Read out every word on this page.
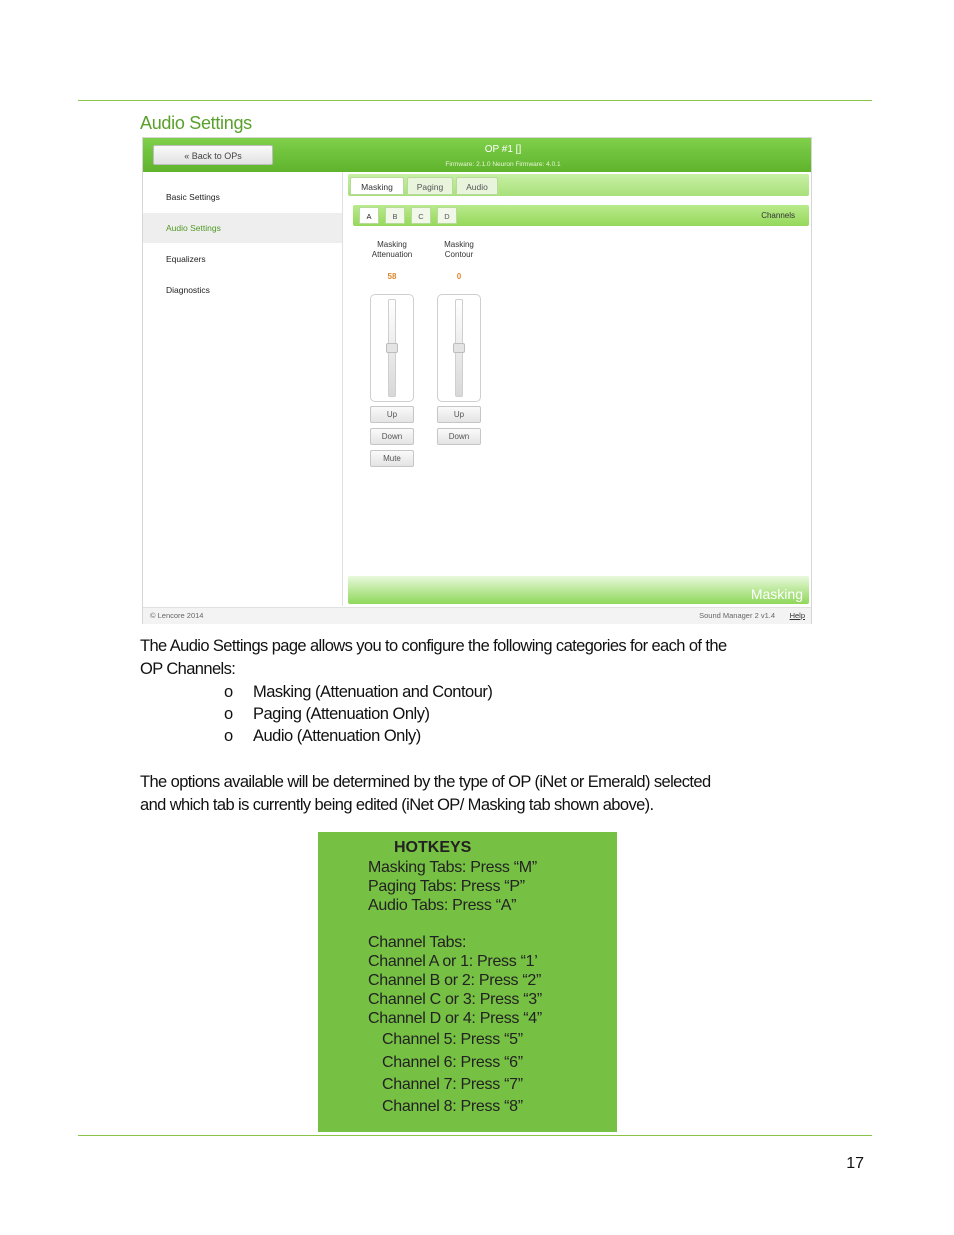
Audio Settings
« Back to OPs
OP #1 []
Firmware: 2.1.0 Neuron Firmware: 4.0.1
Basic Settings
Audio Settings
Equalizers
Diagnostics
Masking	Paging	Audio
A	B	C	D	Channels
Masking
Attenuation
58
Up
Down
Mute
Masking
Contour
0
Up
Down
Masking
© Lencore 2014	Sound Manager 2 v1.4 Help
The Audio Settings page allows you to configure the following categories for each of the
OP Channels:
o Masking (Attenuation and Contour)
o Paging (Attenuation Only)
o Audio (Attenuation Only)
The options available will be determined by the type of OP (iNet or Emerald) selected
and which tab is currently being edited (iNet OP/ Masking tab shown above).
HOTKEYS
Masking Tabs: Press “M”
Paging Tabs: Press “P”
Audio Tabs: Press “A”
Channel Tabs:
Channel A or 1: Press “1’
Channel B or 2: Press “2”
Channel C or 3: Press “3”
Channel D or 4: Press “4”
Channel 5: Press “5”
Channel 6: Press “6”
Channel 7: Press “7”
Channel 8: Press “8”
17
